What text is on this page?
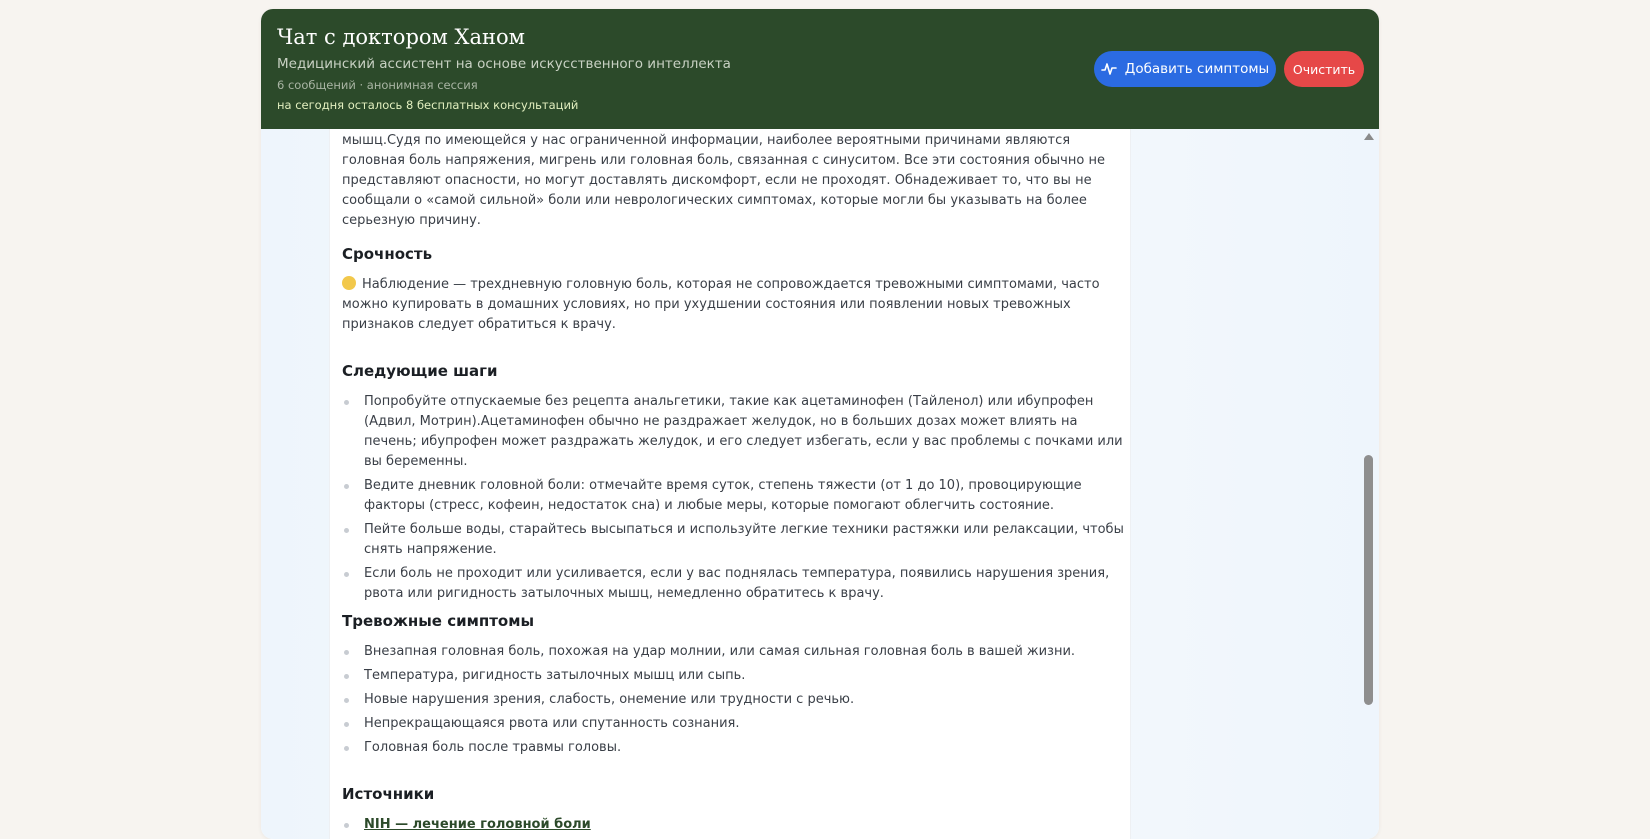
Чат с доктором Ханом
Медицинский ассистент на основе искусственного интеллекта
6 сообщений · анонимная сессия
на сегодня осталось 8 бесплатных консультаций
Добавить симптомы Очистить

мышц.Судя по имеющейся у нас ограниченной информации, наиболее вероятными причинами являются головная боль напряжения, мигрень или головная боль, связанная с синуситом. Все эти состояния обычно не представляют опасности, но могут доставлять дискомфорт, если не проходят. Обнадеживает то, что вы не сообщали о «самой сильной» боли или неврологических симптомах, которые могли бы указывать на более серьезную причину.

Срочность

Наблюдение — трехдневную головную боль, которая не сопровождается тревожными симптомами, часто можно купировать в домашних условиях, но при ухудшении состояния или появлении новых тревожных признаков следует обратиться к врачу.

Следующие шаги
Попробуйте отпускаемые без рецепта анальгетики, такие как ацетаминофен (Тайленол) или ибупрофен (Адвил, Мотрин).Ацетаминофен обычно не раздражает желудок, но в больших дозах может влиять на печень; ибупрофен может раздражать желудок, и его следует избегать, если у вас проблемы с почками или вы беременны.
Ведите дневник головной боли: отмечайте время суток, степень тяжести (от 1 до 10), провоцирующие факторы (стресс, кофеин, недостаток сна) и любые меры, которые помогают облегчить состояние.
Пейте больше воды, старайтесь высыпаться и используйте легкие техники растяжки или релаксации, чтобы снять напряжение.
Если боль не проходит или усиливается, если у вас поднялась температура, появились нарушения зрения, рвота или ригидность затылочных мышц, немедленно обратитесь к врачу.
Тревожные симптомы
Внезапная головная боль, похожая на удар молнии, или самая сильная головная боль в вашей жизни.
Температура, ригидность затылочных мышц или сыпь.
Новые нарушения зрения, слабость, онемение или трудности с речью.
Непрекращающаяся рвота или спутанность сознания.
Головная боль после травмы головы.
Источники
NIH — лечение головной боли
